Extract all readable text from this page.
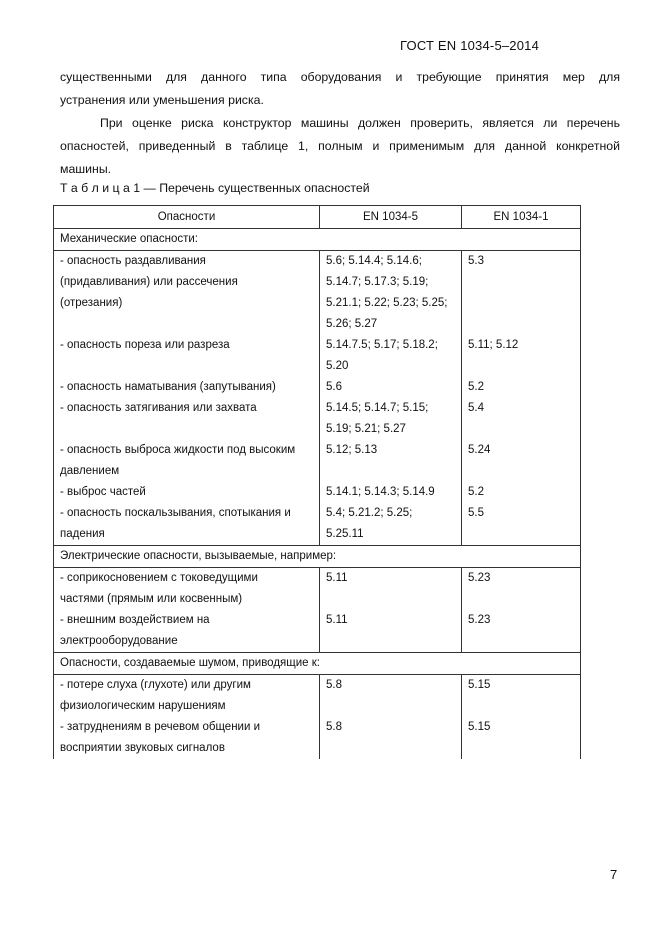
ГОСТ EN 1034-5–2014
существенными для данного типа оборудования и требующие принятия мер для
устранения или уменьшения риска.
При оценке риска конструктор машины должен проверить, является ли перечень
опасностей, приведенный в таблице 1, полным и применимым для данной конкретной
машины.
Т а б л и ц а 1 — Перечень существенных опасностей
Опасности	EN 1034-5	EN 1034-1
Механические опасности:		

- опасность раздавливания
(придавливания) или рассечения
(отрезания)	5.6; 5.14.4; 5.14.6;
5.14.7; 5.17.3; 5.19;
5.21.1; 5.22; 5.23; 5.25;
5.26; 5.27	5.3

- опасность пореза или разреза	5.14.7.5; 5.17; 5.18.2;
5.20	5.11; 5.12

- опасность наматывания (запутывания)	5.6	5.2

- опасность затягивания или захвата	5.14.5; 5.14.7; 5.15;
5.19; 5.21; 5.27	5.4

- опасность выброса жидкости под высоким
давлением	5.12; 5.13	5.24

- выброс частей	5.14.1; 5.14.3; 5.14.9	5.2

- опасность поскальзывания, спотыкания и
падения	5.4; 5.21.2; 5.25;
5.25.11	5.5

Электрические опасности, вызываемые, например:		

- соприкосновением с токоведущими
частями (прямым или косвенным)	5.11	5.23

- внешним воздействием на
электрооборудование	5.11	5.23

Опасности, создаваемые шумом, приводящие к:		

- потере слуха (глухоте) или другим
физиологическим нарушениям	5.8	5.15

- затруднениям в речевом общении и
восприятии звуковых сигналов	5.8	5.15
7
